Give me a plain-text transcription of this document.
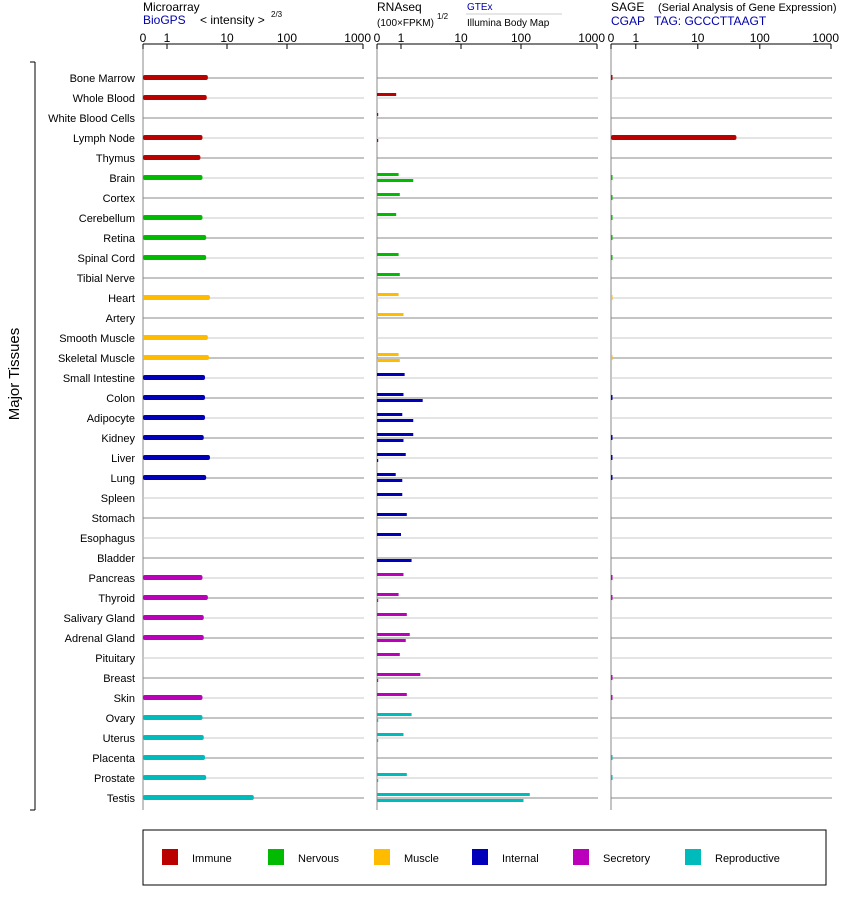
Microarray
BioGPS < intensity > 2/3
RNAseq
(100×FPKM)
1/2
GTEx
Illumina Body Map
SAGE (Serial Analysis of Gene Expression)
CGAP TAG: GCCCTTAAGT
Major Tissues
Bone Marrow
Whole Blood
White Blood Cells
Lymph Node
Thymus
Brain
Cortex
Cerebellum
Retina
Spinal Cord
Tibial Nerve
Heart
Artery
Smooth Muscle
Skeletal Muscle
Small Intestine
Colon
Adipocyte
Kidney
Liver
Lung
Spleen
Stomach
Esophagus
Bladder
Pancreas
Thyroid
Salivary Gland
Adrenal Gland
Pituitary
Breast
Skin
Ovary
Uterus
Placenta
Prostate
Testis
0 1	10	100	1000 0 1	10	100	1000 0 1	10	100	1000
Immune	Nervous	Muscle	Internal	Secretory	Reproductive
